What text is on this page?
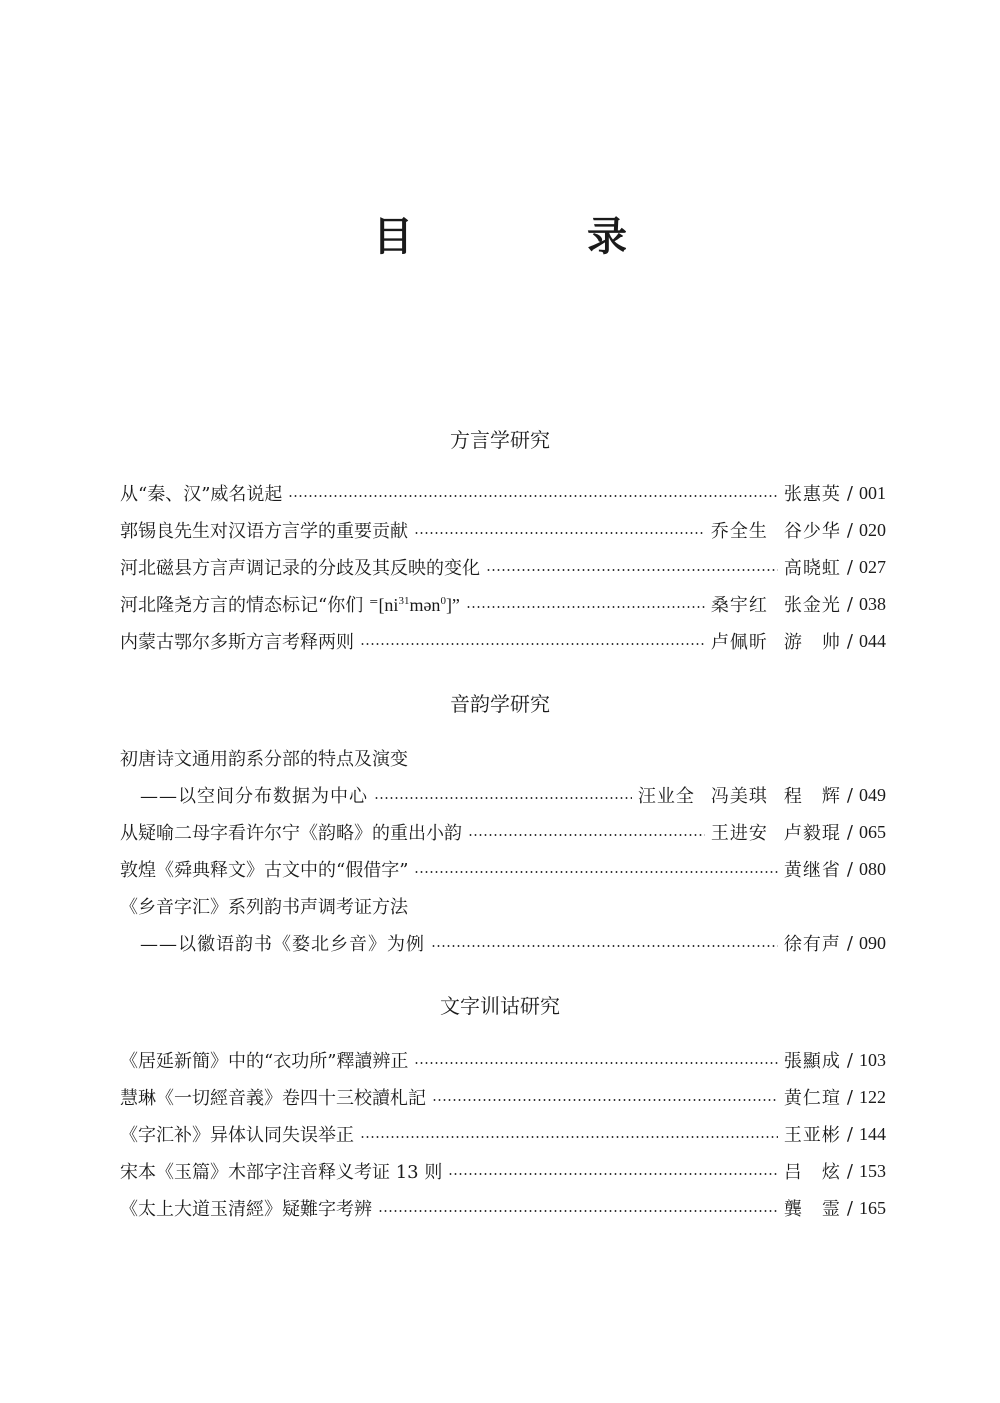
目 录
方言学研究
从“秦、汉”威名说起	张惠英 / 001
郭锡良先生对汉语方言学的重要贡献	乔全生 谷少华 / 020
河北磁县方言声调记录的分歧及其反映的变化	高晓虹 / 027
河北隆尧方言的情态标记“你们 $^=[ni^{31}mən^0]$”	桑宇红 张金光 / 038
内蒙古鄂尔多斯方言考释两则	卢佩昕 游　帅 / 044
音韵学研究
初唐诗文通用韵系分部的特点及演变
——以空间分布数据为中心	汪业全 冯美琪 程　辉 / 049
从疑喻二母字看许尔宁《韵略》的重出小韵	王进安 卢毅琨 / 065
敦煌《舜典释文》古文中的“假借字”	黄继省 / 080
《乡音字汇》系列韵书声调考证方法
——以徽语韵书《婺北乡音》为例	徐有声 / 090
文字训诂研究
《居延新簡》中的“衣功所”釋讀辨正	張顯成 / 103
慧琳《一切經音義》卷四十三校讀札記	黄仁瑄 / 122
《字汇补》异体认同失误举正	王亚彬 / 144
宋本《玉篇》木部字注音释义考证 13 则	吕　炫 / 153
《太上大道玉清經》疑難字考辨	龔　霊 / 165
